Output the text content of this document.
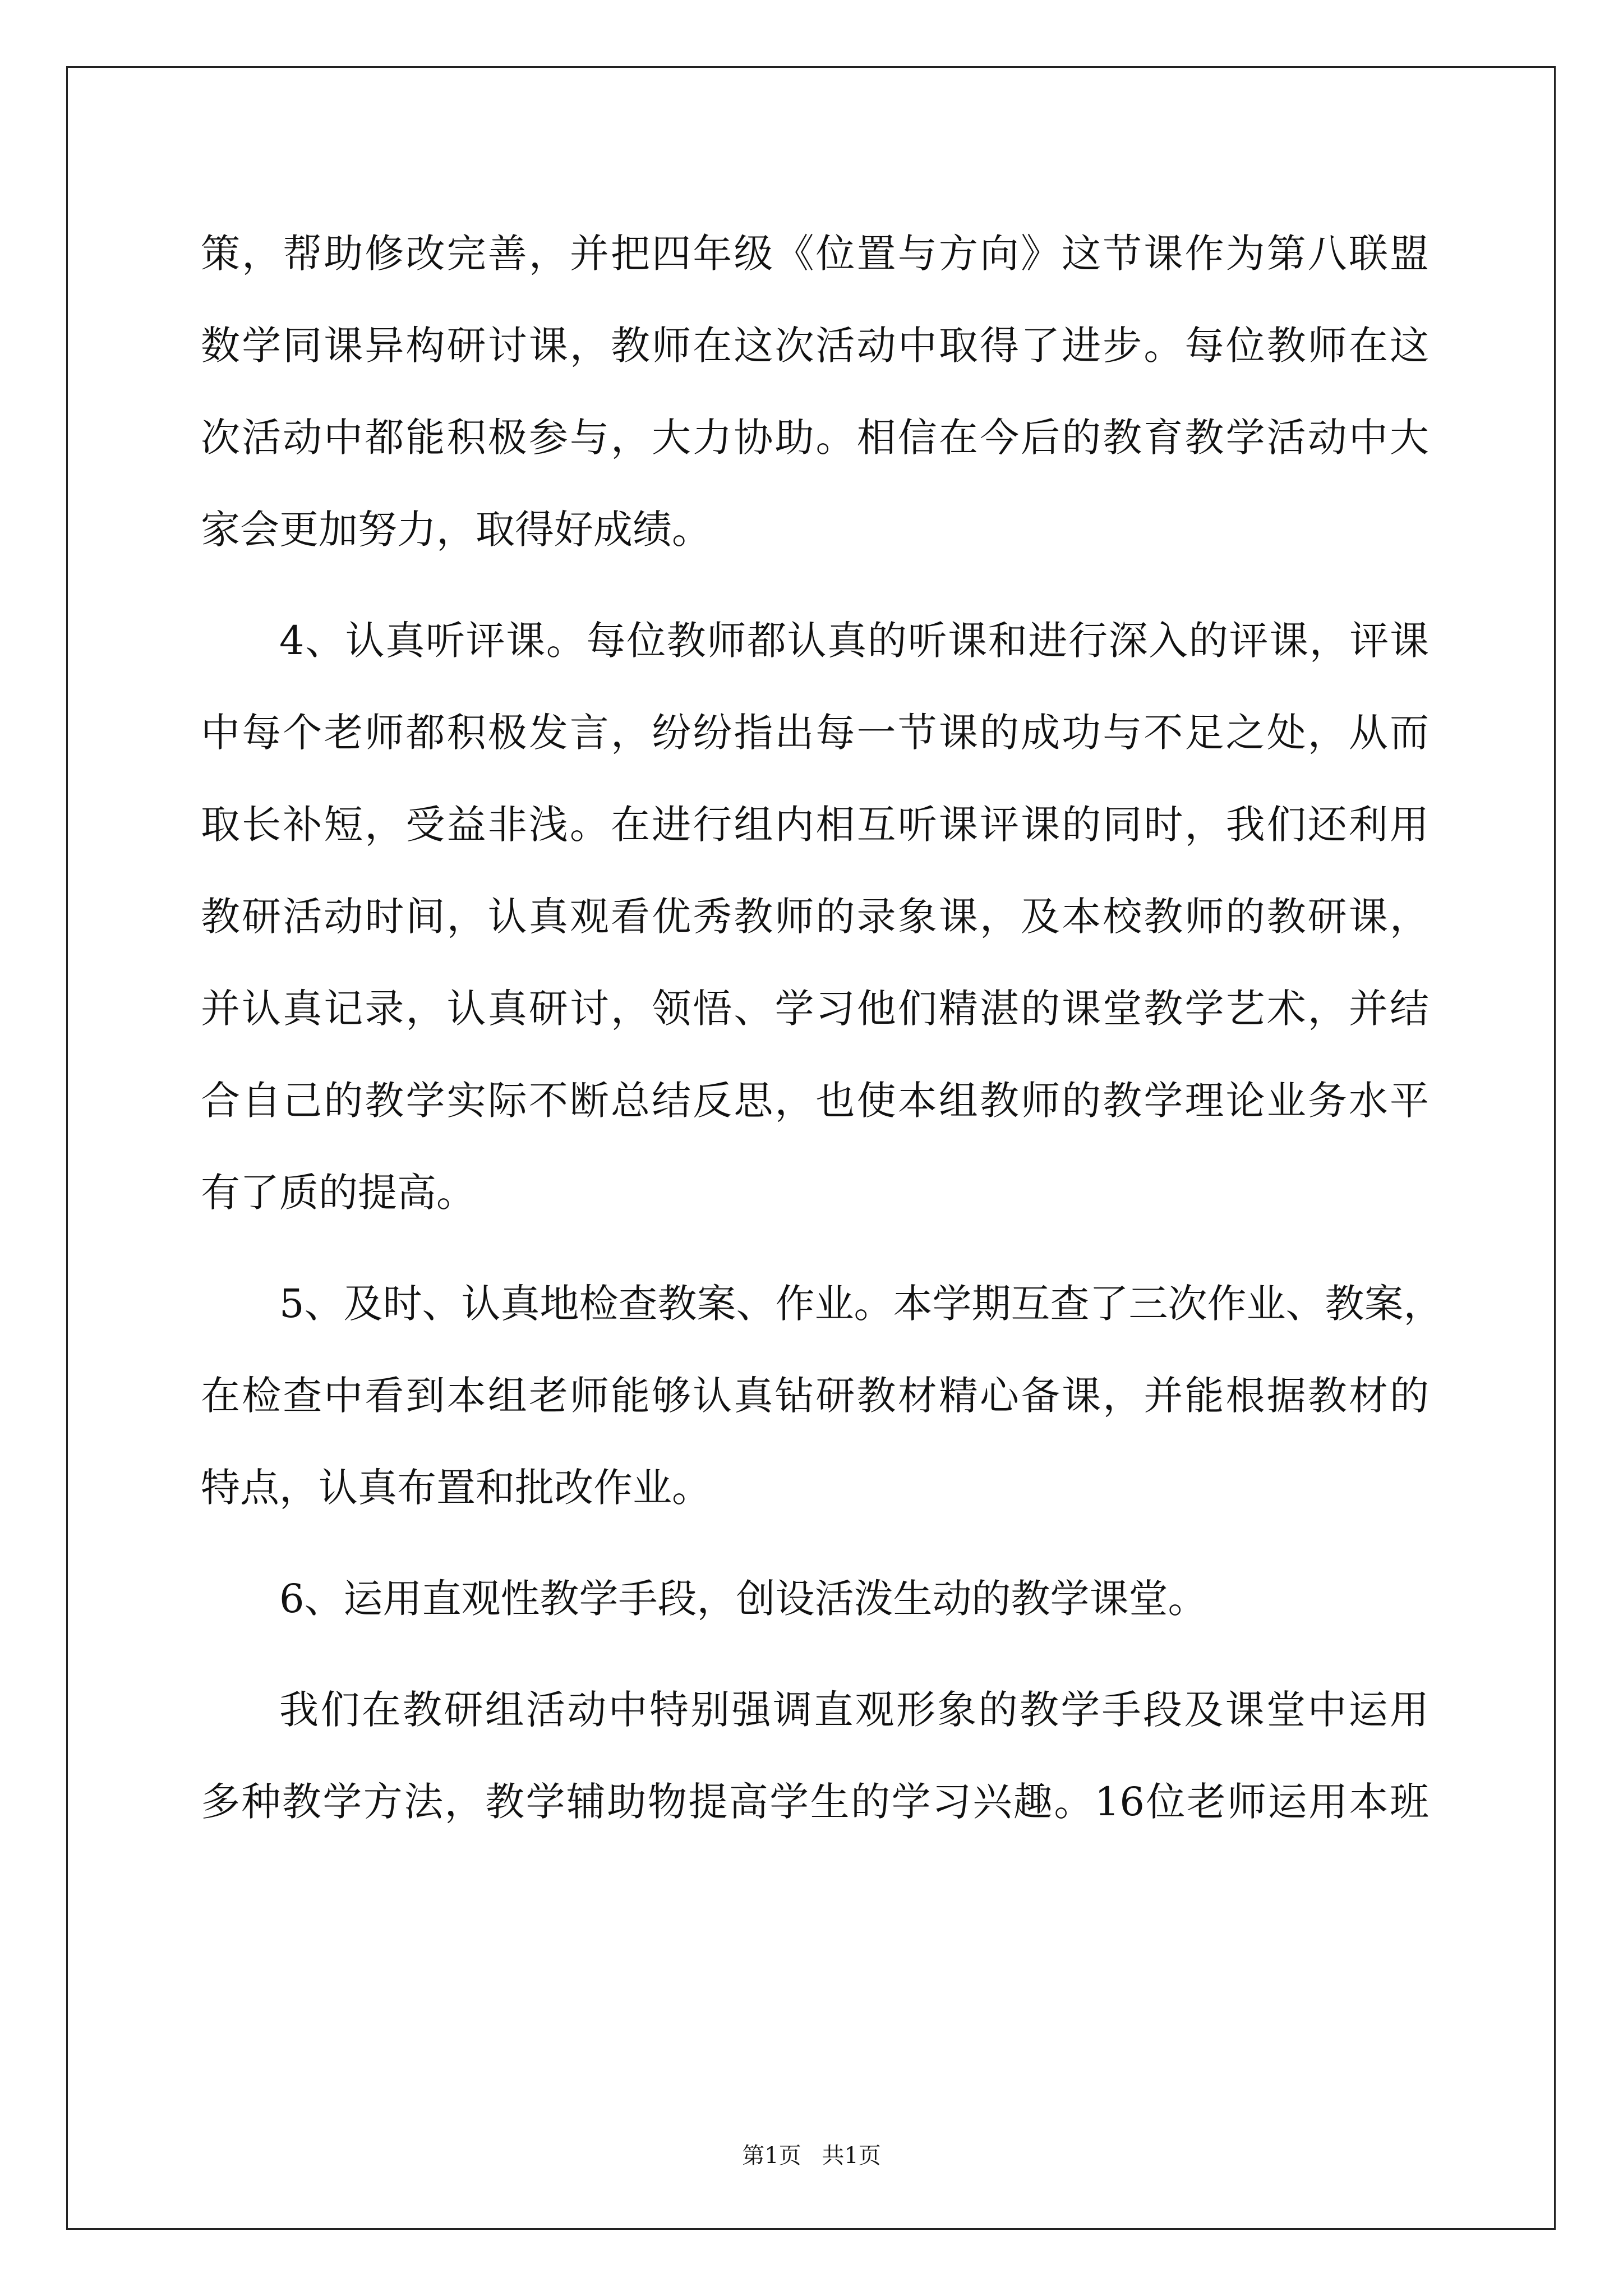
策，帮助修改完善，并把四年级《位置与方向》这节课作为第八联盟
数学同课异构研讨课，教师在这次活动中取得了进步。每位教师在这
次活动中都能积极参与，大力协助。相信在今后的教育教学活动中大
家会更加努力，取得好成绩。
4、认真听评课。每位教师都认真的听课和进行深入的评课，评课
中每个老师都积极发言，纷纷指出每一节课的成功与不足之处，从而
取长补短，受益非浅。在进行组内相互听课评课的同时，我们还利用
教研活动时间，认真观看优秀教师的录象课，及本校教师的教研课，
并认真记录，认真研讨，领悟、学习他们精湛的课堂教学艺术，并结
合自己的教学实际不断总结反思，也使本组教师的教学理论业务水平
有了质的提高。
5、及时、认真地检查教案、作业。本学期互查了三次作业、教案，
在检查中看到本组老师能够认真钻研教材精心备课，并能根据教材的
特点，认真布置和批改作业。
6、运用直观性教学手段，创设活泼生动的教学课堂。
我们在教研组活动中特别强调直观形象的教学手段及课堂中运用
多种教学方法，教学辅助物提高学生的学习兴趣。16位老师运用本班
第1页 共1页
